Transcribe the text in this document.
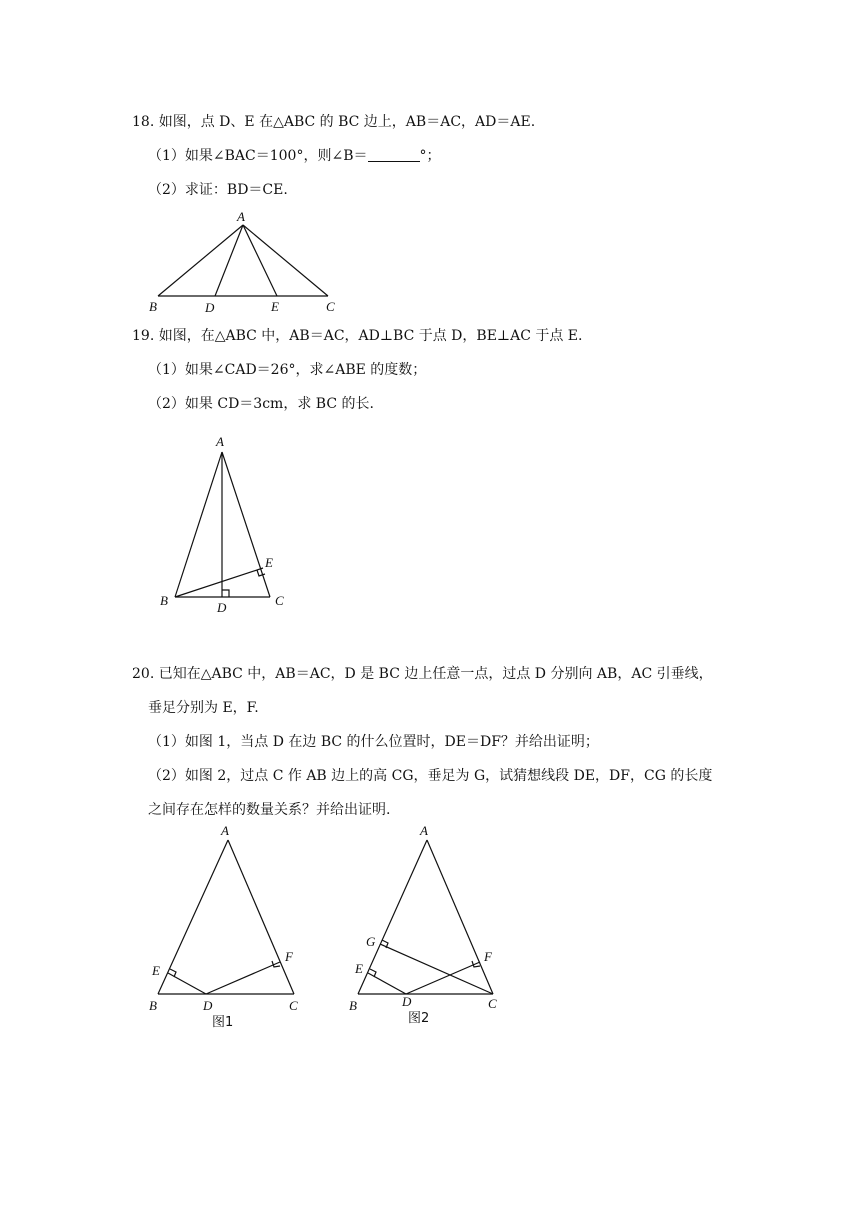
18. 如图，点 D、E 在△ABC 的 BC 边上，AB＝AC，AD＝AE.
（1）如果∠BAC＝100°，则∠B＝	°；
（2）求证：BD＝CE.
A
B	D	E	C
19. 如图，在△ABC 中，AB＝AC，AD⊥BC 于点 D，BE⊥AC 于点 E.
（1）如果∠CAD＝26°，求∠ABE 的度数；
（2）如果 CD＝3cm，求 BC 的长.
A
B	D	C
E
20. 已知在△ABC 中，AB＝AC，D 是 BC 边上任意一点，过点 D 分别向 AB，AC 引垂线，
垂足分别为 E，F.
（1）如图 1，当点 D 在边 BC 的什么位置时，DE＝DF？并给出证明；
（2）如图 2，过点 C 作 AB 边上的高 CG，垂足为 G，试猜想线段 DE，DF，CG 的长度
之间存在怎样的数量关系？并给出证明.
A
E
F
B	D	C
图1
A
G
E
F
B	D	C
图2
